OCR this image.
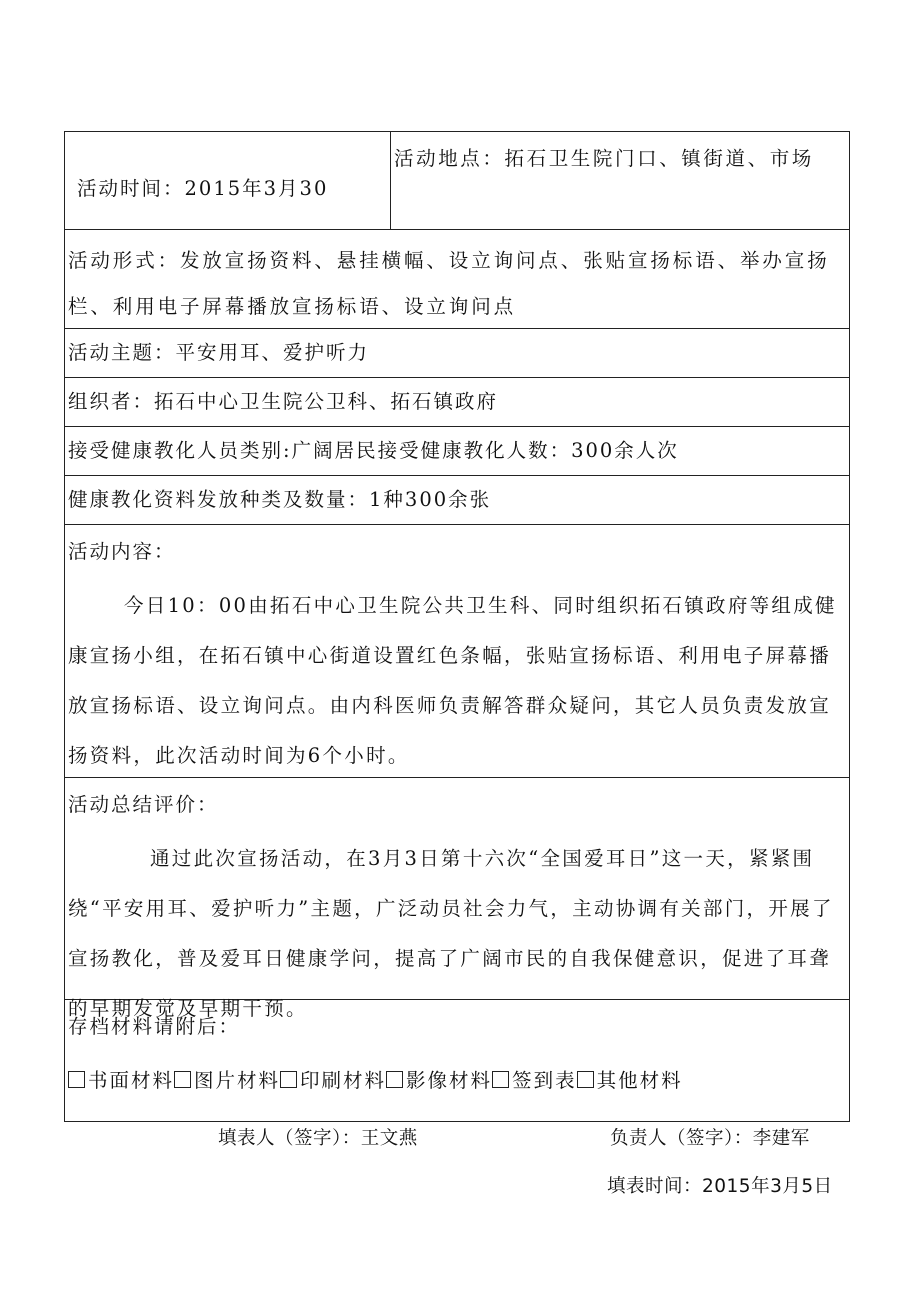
活动时间：2015年3月30
活动地点：拓石卫生院门口、镇街道、市场
活动形式：发放宣扬资料、悬挂横幅、设立询问点、张贴宣扬标语、举办宣扬栏、利用电子屏幕播放宣扬标语、设立询问点
活动主题：平安用耳、爱护听力
组织者：拓石中心卫生院公卫科、拓石镇政府
接受健康教化人员类别:广阔居民接受健康教化人数：300余人次
健康教化资料发放种类及数量：1种300余张
活动内容：
今日10：00由拓石中心卫生院公共卫生科、同时组织拓石镇政府等组成健康宣扬小组，在拓石镇中心街道设置红色条幅，张贴宣扬标语、利用电子屏幕播放宣扬标语、设立询问点。由内科医师负责解答群众疑问，其它人员负责发放宣扬资料，此次活动时间为6个小时。
活动总结评价：
通过此次宣扬活动，在3月3日第十六次“全国爱耳日”这一天，紧紧围绕“平安用耳、爱护听力”主题，广泛动员社会力气，主动协调有关部门，开展了宣扬教化，普及爱耳日健康学问，提高了广阔市民的自我保健意识，促进了耳聋的早期发觉及早期干预。
存档材料请附后：
书面材料 图片材料 印刷材料 影像材料 签到表 其他材料
填表人（签字）：王文燕	负责人（签字）：李建军
填表时间：2015年3月5日
